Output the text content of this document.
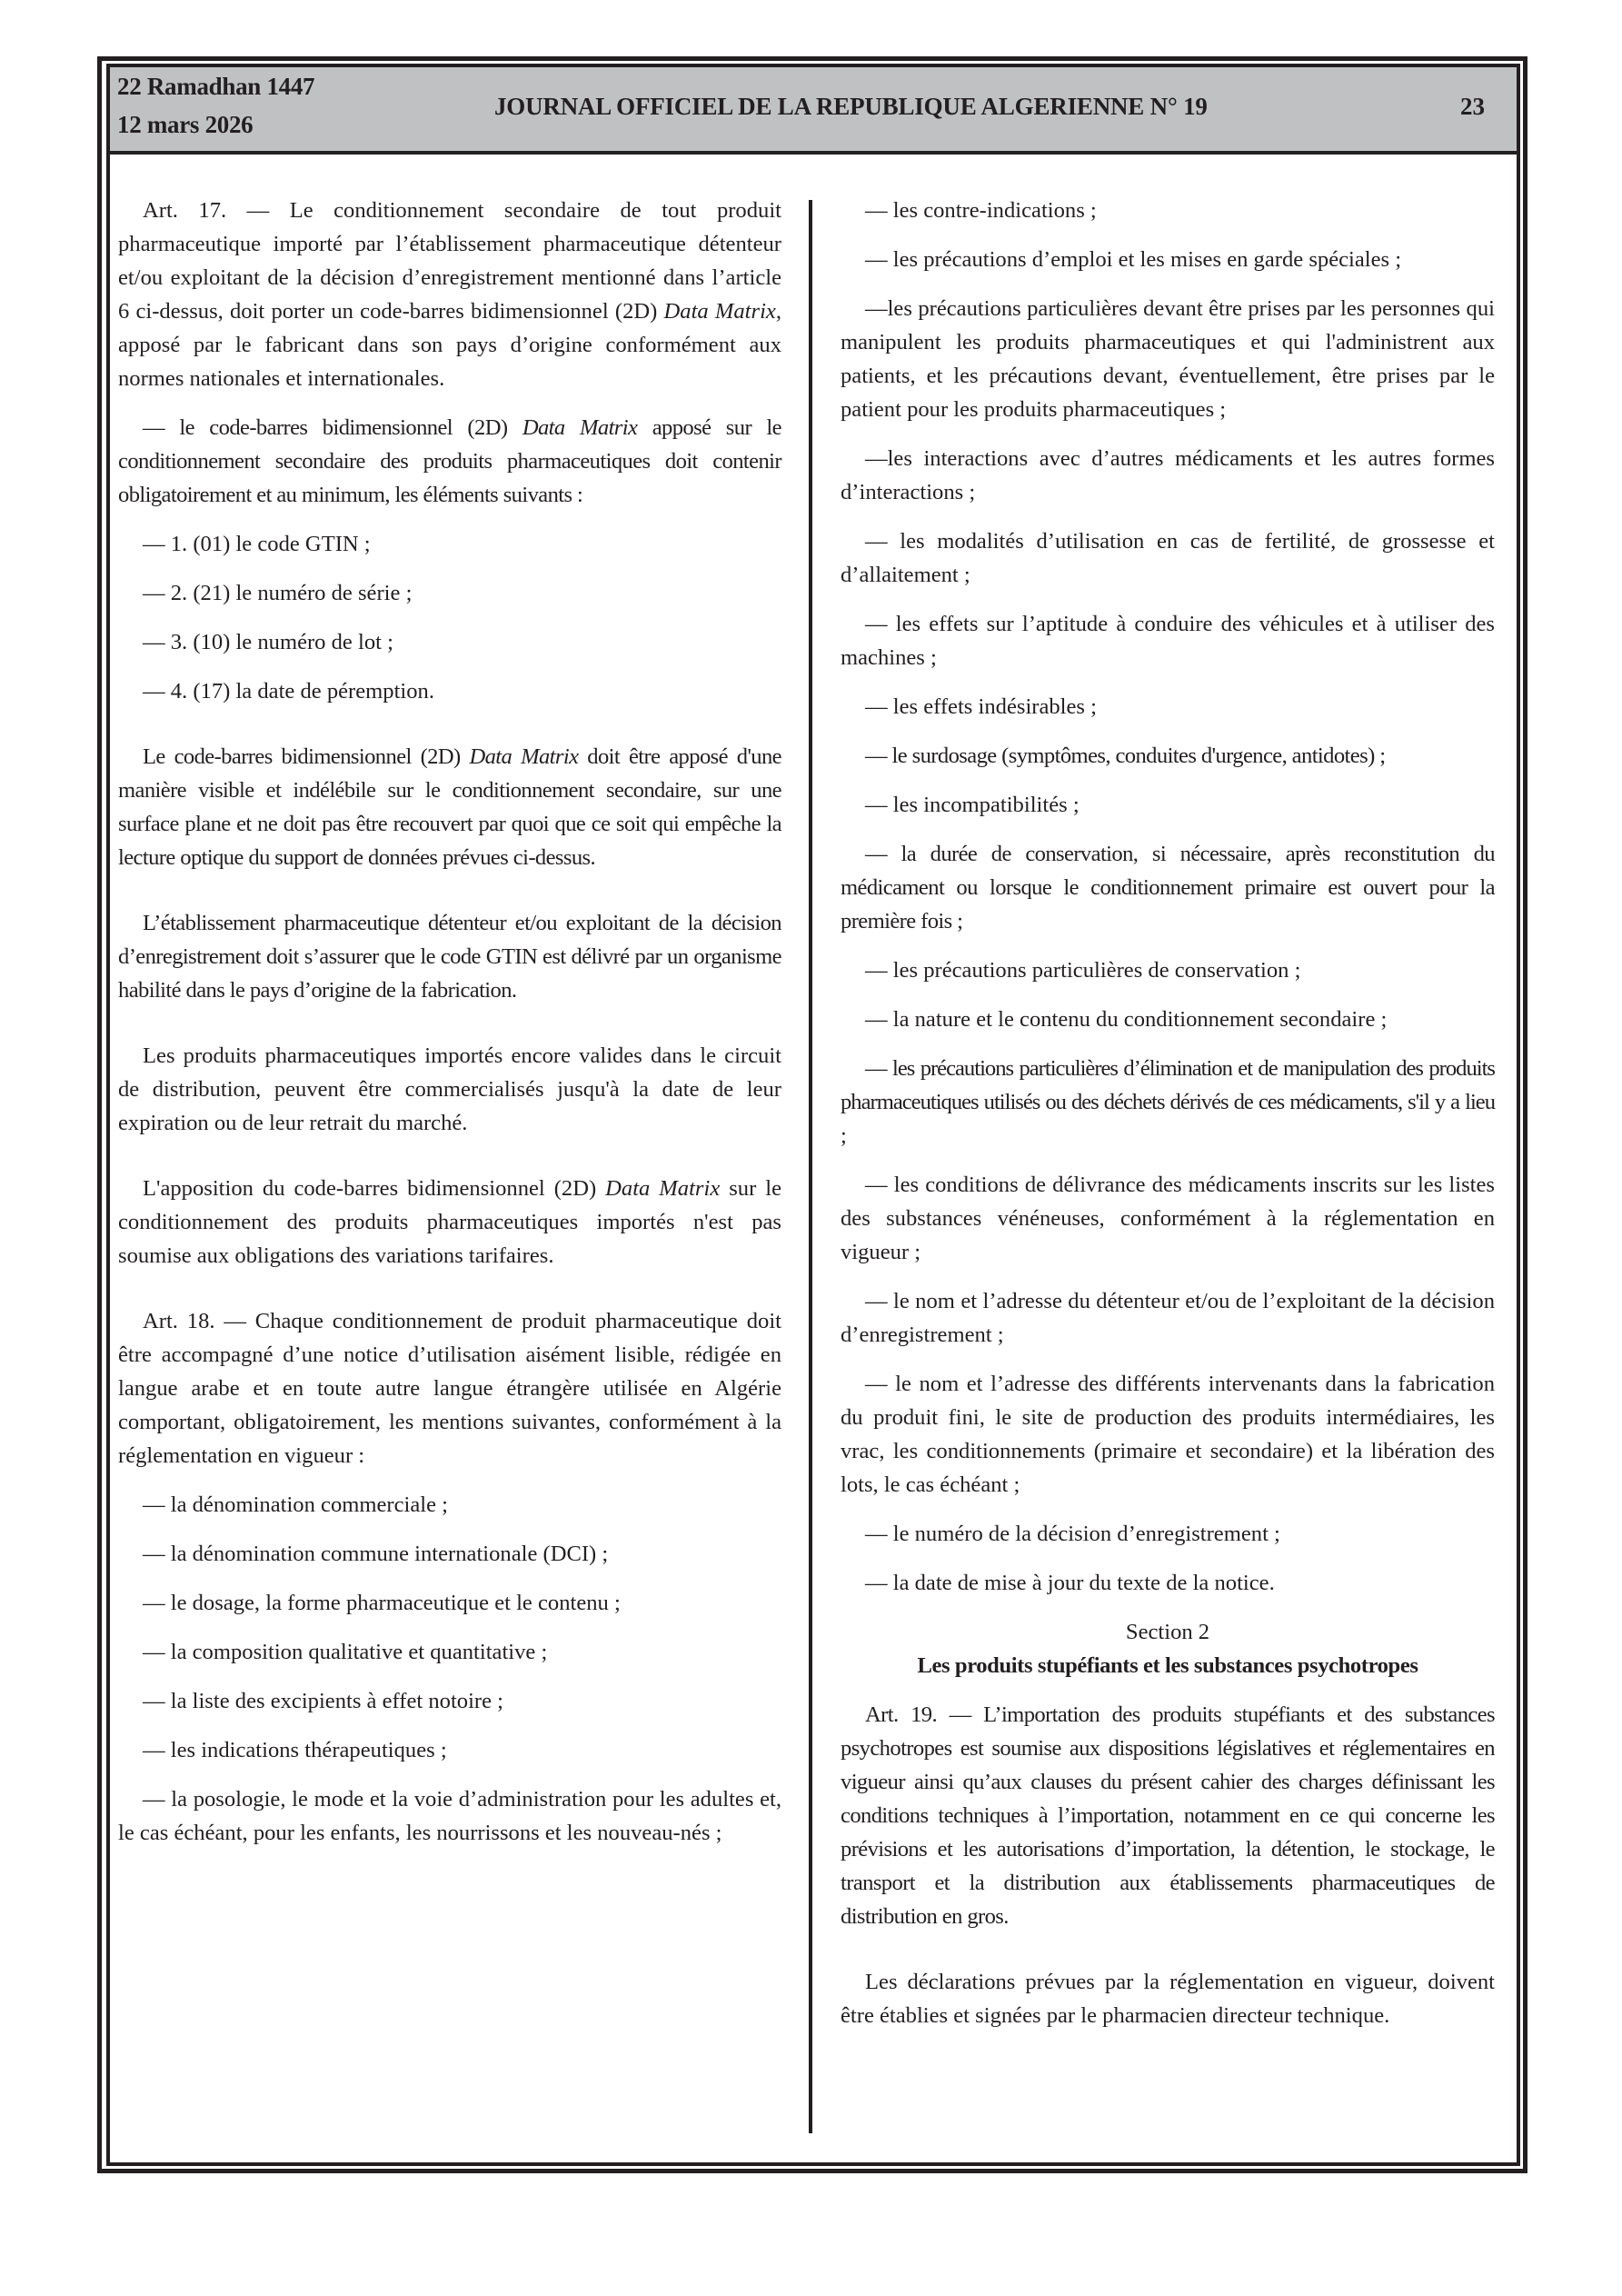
22 Ramadhan 1447
12 mars 2026
JOURNAL OFFICIEL DE LA REPUBLIQUE ALGERIENNE N° 19	23

Art. 17. — Le conditionnement secondaire de tout produit pharmaceutique importé par l’établissement pharmaceutique détenteur et/ou exploitant de la décision d’enregistrement mentionné dans l’article 6 ci-dessus, doit porter un code-barres bidimensionnel (2D) Data Matrix, apposé par le fabricant dans son pays d’origine conformément aux normes nationales et internationales.

— le code-barres bidimensionnel (2D) Data Matrix apposé sur le conditionnement secondaire des produits pharmaceutiques doit contenir obligatoirement et au minimum, les éléments suivants :

— 1. (01) le code GTIN ;

— 2. (21) le numéro de série ;

— 3. (10) le numéro de lot ;

— 4. (17) la date de péremption.

Le code-barres bidimensionnel (2D) Data Matrix doit être apposé d'une manière visible et indélébile sur le conditionnement secondaire, sur une surface plane et ne doit pas être recouvert par quoi que ce soit qui empêche la lecture optique du support de données prévues ci-dessus.

L’établissement pharmaceutique détenteur et/ou exploitant de la décision d’enregistrement doit s’assurer que le code GTIN est délivré par un organisme habilité dans le pays d’origine de la fabrication.

Les produits pharmaceutiques importés encore valides dans le circuit de distribution, peuvent être commercialisés jusqu'à la date de leur expiration ou de leur retrait du marché.

L'apposition du code-barres bidimensionnel (2D) Data Matrix sur le conditionnement des produits pharmaceutiques importés n'est pas soumise aux obligations des variations tarifaires.

Art. 18. — Chaque conditionnement de produit pharmaceutique doit être accompagné d’une notice d’utilisation aisément lisible, rédigée en langue arabe et en toute autre langue étrangère utilisée en Algérie comportant, obligatoirement, les mentions suivantes, conformément à la réglementation en vigueur :

— la dénomination commerciale ;

— la dénomination commune internationale (DCI) ;

— le dosage, la forme pharmaceutique et le contenu ;

— la composition qualitative et quantitative ;

— la liste des excipients à effet notoire ;

— les indications thérapeutiques ;

— la posologie, le mode et la voie d’administration pour les adultes et, le cas échéant, pour les enfants, les nourrissons et les nouveau-nés ;

— les contre-indications ;

— les précautions d’emploi et les mises en garde spéciales ;

—les précautions particulières devant être prises par les personnes qui manipulent les produits pharmaceutiques et qui l'administrent aux patients, et les précautions devant, éventuellement, être prises par le patient pour les produits pharmaceutiques ;

—les interactions avec d’autres médicaments et les autres formes d’interactions ;

— les modalités d’utilisation en cas de fertilité, de grossesse et d’allaitement ;

— les effets sur l’aptitude à conduire des véhicules et à utiliser des machines ;

— les effets indésirables ;

— le surdosage (symptômes, conduites d'urgence, antidotes) ;

— les incompatibilités ;

— la durée de conservation, si nécessaire, après reconstitution du médicament ou lorsque le conditionnement primaire est ouvert pour la première fois ;

— les précautions particulières de conservation ;

— la nature et le contenu du conditionnement secondaire ;

— les précautions particulières d’élimination et de manipulation des produits pharmaceutiques utilisés ou des déchets dérivés de ces médicaments, s'il y a lieu ;

— les conditions de délivrance des médicaments inscrits sur les listes des substances vénéneuses, conformément à la réglementation en vigueur ;

— le nom et l’adresse du détenteur et/ou de l’exploitant de la décision d’enregistrement ;

— le nom et l’adresse des différents intervenants dans la fabrication du produit fini, le site de production des produits intermédiaires, les vrac, les conditionnements (primaire et secondaire) et la libération des lots, le cas échéant ;

— le numéro de la décision d’enregistrement ;

— la date de mise à jour du texte de la notice.

Section 2

Les produits stupéfiants et les substances psychotropes

Art. 19. — L’importation des produits stupéfiants et des substances psychotropes est soumise aux dispositions législatives et réglementaires en vigueur ainsi qu’aux clauses du présent cahier des charges définissant les conditions techniques à l’importation, notamment en ce qui concerne les prévisions et les autorisations d’importation, la détention, le stockage, le transport et la distribution aux établissements pharmaceutiques de distribution en gros.

Les déclarations prévues par la réglementation en vigueur, doivent être établies et signées par le pharmacien directeur technique.
